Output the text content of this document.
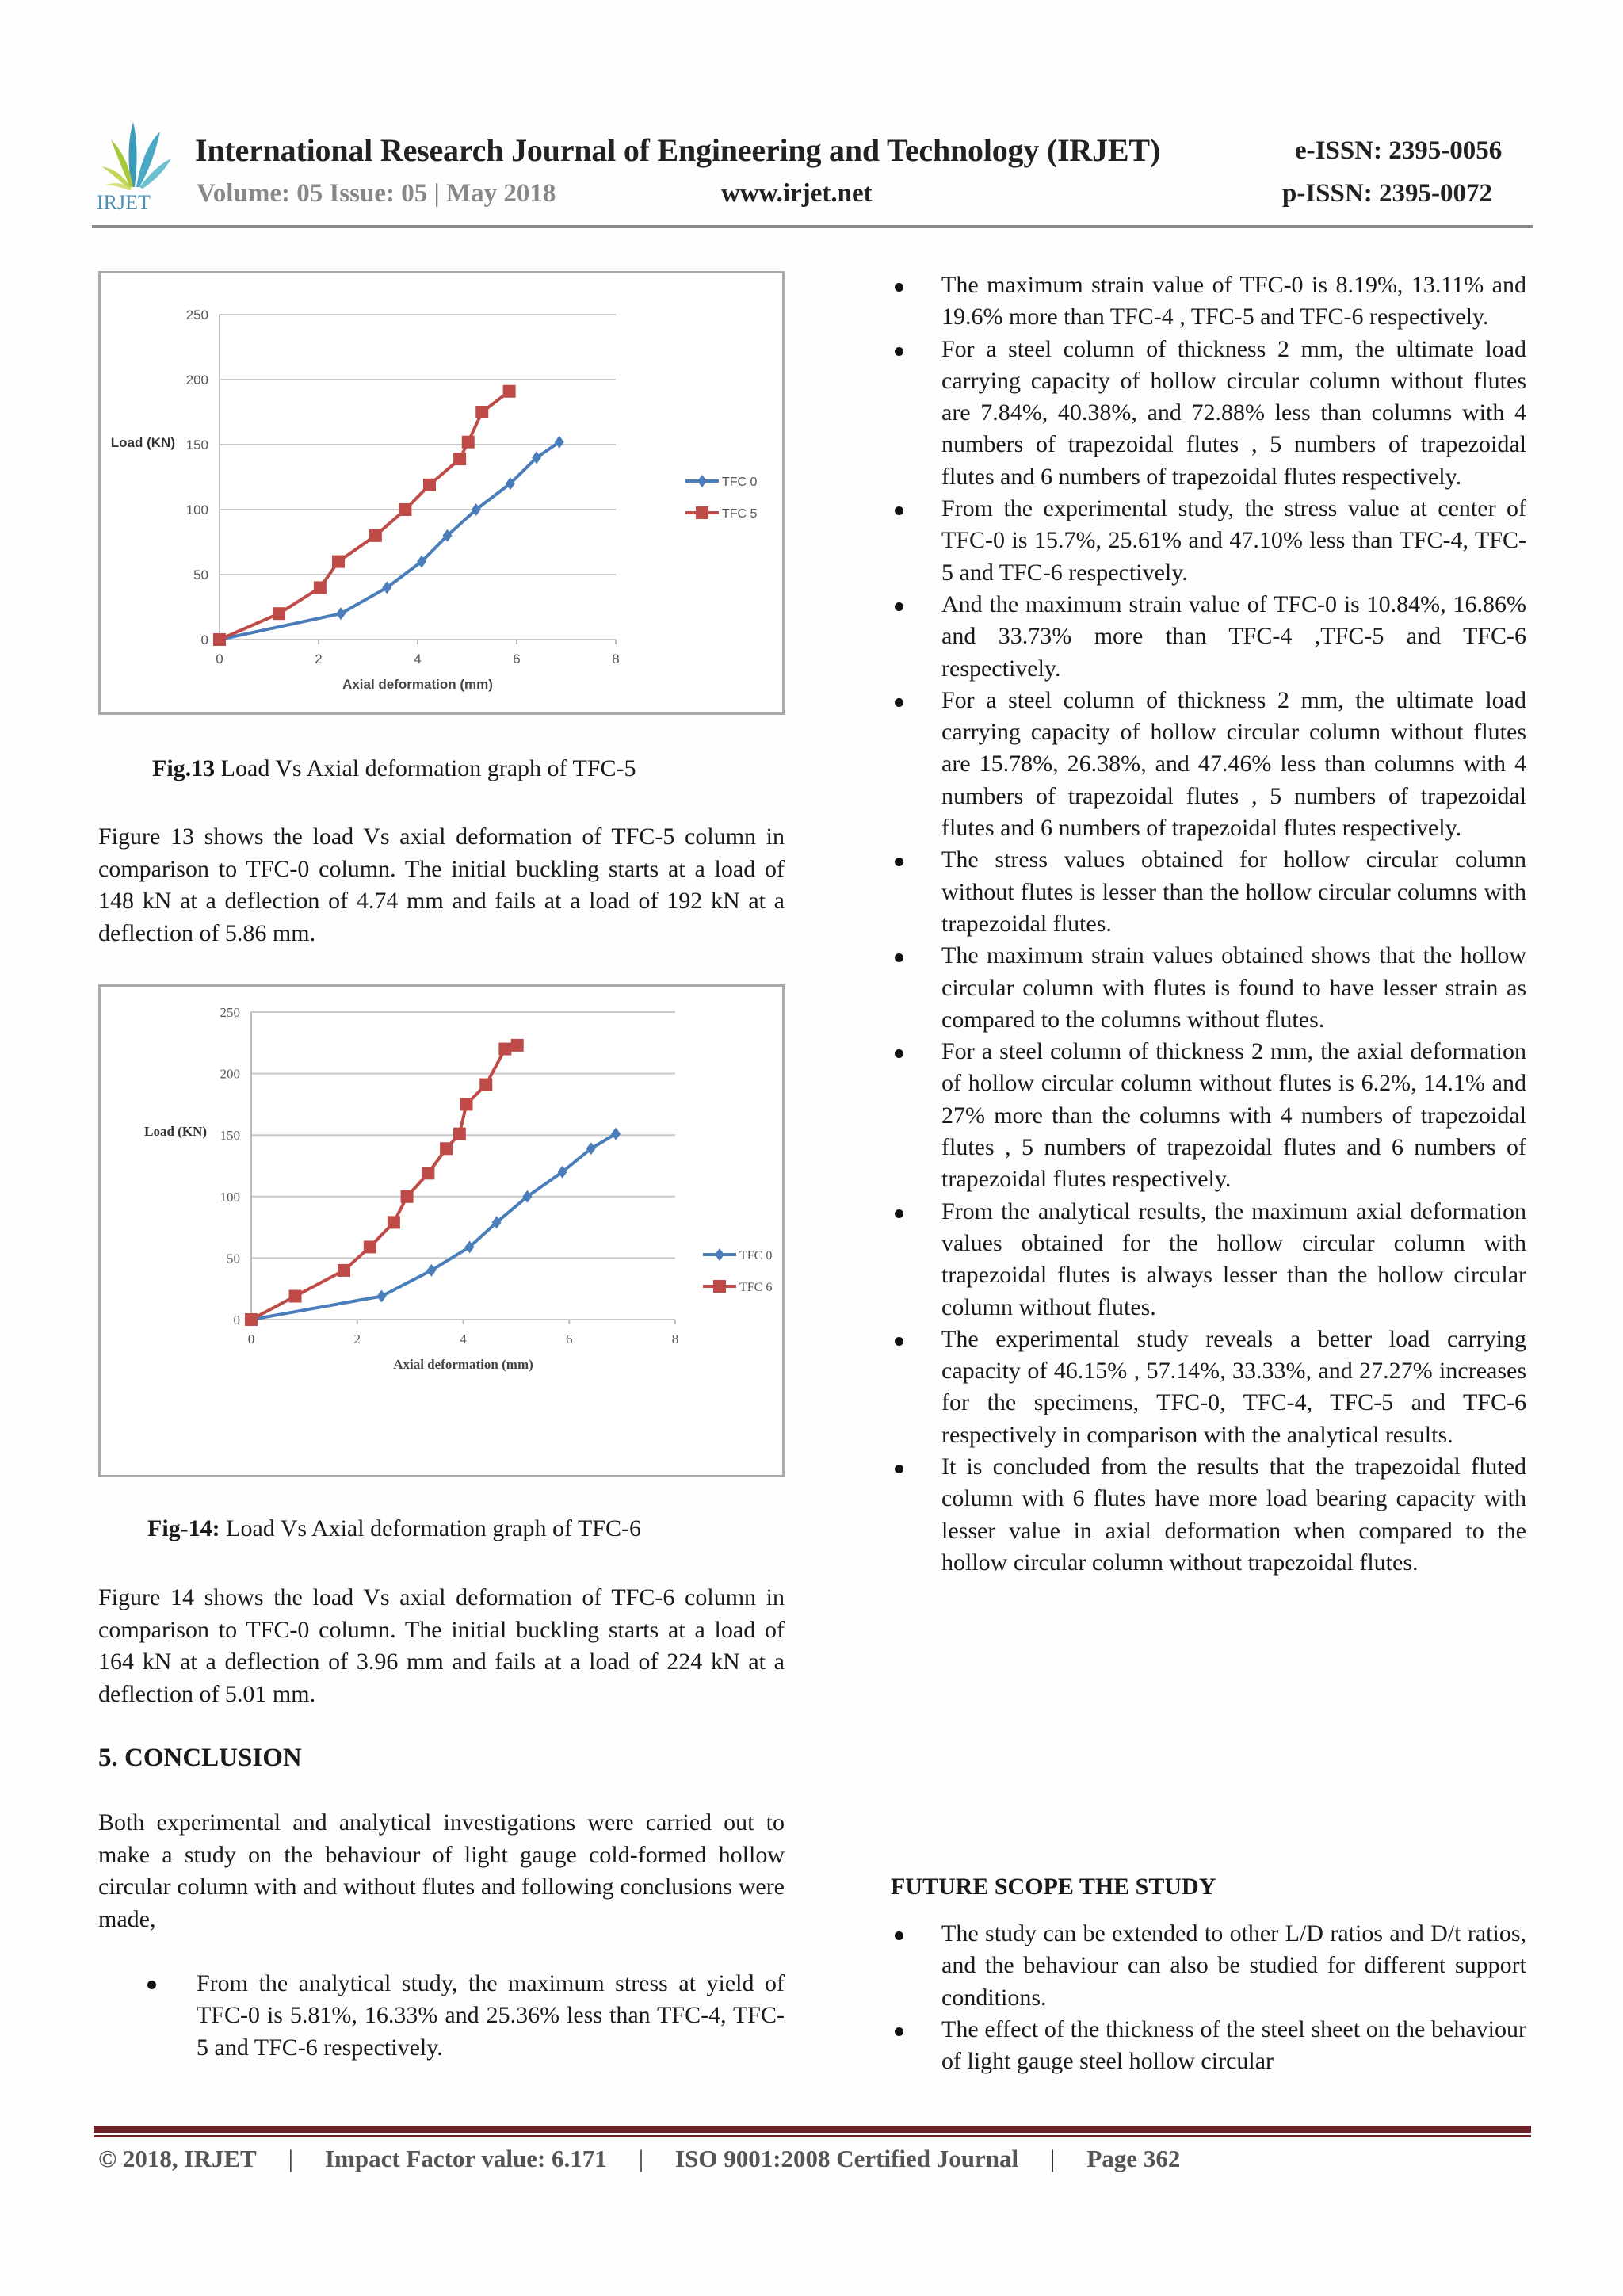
IRJET
International Research Journal of Engineering and Technology (IRJET)	e-ISSN: 2395-0056
Volume: 05 Issue: 05 | May 2018	www.irjet.net	p-ISSN: 2395-0072
0
50
100
150
200
250
0	2	4	6	8
Axial deformation (mm)
Load (KN)
TFC 0
TFC 5
Fig.13 Load Vs Axial deformation graph of TFC-5
Figure 13 shows the load Vs axial deformation of TFC-5 column in comparison to TFC-0 column. The initial buckling starts at a load of 148 kN at a deflection of 4.74 mm and fails at a load of 192 kN at a deflection of 5.86 mm.
0
50
100
150
200
250
0	2	4	6	8
Axial deformation (mm)
Load (KN)
TFC 0
TFC 6
Fig-14: Load Vs Axial deformation graph of TFC-6
Figure 14 shows the load Vs axial deformation of TFC-6 column in comparison to TFC-0 column. The initial buckling starts at a load of 164 kN at a deflection of 3.96 mm and fails at a load of 224 kN at a deflection of 5.01 mm.
5. CONCLUSION
Both experimental and analytical investigations were carried out to make a study on the behaviour of light gauge cold-formed hollow circular column with and without flutes and following conclusions were made,
From the analytical study, the maximum stress at yield of TFC-0 is 5.81%, 16.33% and 25.36% less than TFC-4, TFC-5 and TFC-6 respectively.
The maximum strain value of TFC-0 is 8.19%, 13.11% and 19.6% more than TFC-4 , TFC-5 and TFC-6 respectively.
For a steel column of thickness 2 mm, the ultimate load carrying capacity of hollow circular column without flutes are 7.84%, 40.38%, and 72.88% less than columns with 4 numbers of trapezoidal flutes , 5 numbers of trapezoidal flutes and 6 numbers of trapezoidal flutes respectively.
From the experimental study, the stress value at center of TFC-0 is 15.7%, 25.61% and 47.10% less than TFC-4, TFC-5 and TFC-6 respectively.
And the maximum strain value of TFC-0 is 10.84%, 16.86% and 33.73% more than TFC-4 ,TFC-5 and TFC-6 respectively.
For a steel column of thickness 2 mm, the ultimate load carrying capacity of hollow circular column without flutes are 15.78%, 26.38%, and 47.46% less than columns with 4 numbers of trapezoidal flutes , 5 numbers of trapezoidal flutes and 6 numbers of trapezoidal flutes respectively.
The stress values obtained for hollow circular column without flutes is lesser than the hollow circular columns with trapezoidal flutes.
The maximum strain values obtained shows that the hollow circular column with flutes is found to have lesser strain as compared to the columns without flutes.
For a steel column of thickness 2 mm, the axial deformation of hollow circular column without flutes is 6.2%, 14.1% and 27% more than the columns with 4 numbers of trapezoidal flutes , 5 numbers of trapezoidal flutes and 6 numbers of trapezoidal flutes respectively.
From the analytical results, the maximum axial deformation values obtained for the hollow circular column with trapezoidal flutes is always lesser than the hollow circular column without flutes.
The experimental study reveals a better load carrying capacity of 46.15% , 57.14%, 33.33%, and 27.27% increases for the specimens, TFC-0, TFC-4, TFC-5 and TFC-6 respectively in comparison with the analytical results.
It is concluded from the results that the trapezoidal fluted column with 6 flutes have more load bearing capacity with lesser value in axial deformation when compared to the hollow circular column without trapezoidal flutes.
FUTURE SCOPE THE STUDY
The study can be extended to other L/D ratios and D/t ratios, and the behaviour can also be studied for different support conditions.
The effect of the thickness of the steel sheet on the behaviour of light gauge steel hollow circular
© 2018, IRJET | Impact Factor value: 6.171 | ISO 9001:2008 Certified Journal | Page 362
